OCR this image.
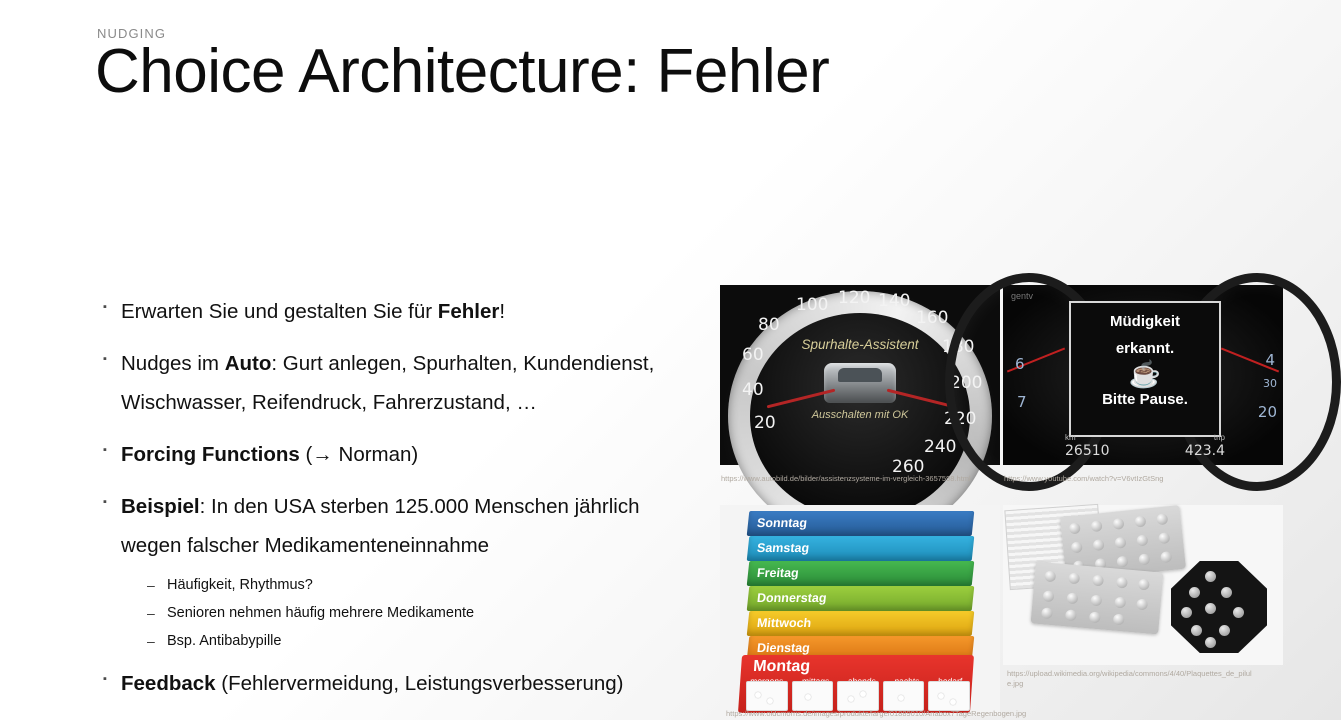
NUDGING
Choice Architecture: Fehler
▪ Erwarten Sie und gestalten Sie für Fehler!
▪ Nudges im Auto: Gurt anlegen, Spurhalten, Kundendienst, Wischwasser, Reifendruck, Fahrerzustand, …
▪ Forcing Functions (→ Norman)
▪ Beispiel: In den USA sterben 125.000 Menschen jährlich wegen falscher Medikamenteneinnahme
– Häufigkeit, Rhythmus?
– Senioren nehmen häufig mehrere Medikamente
– Bsp. Antibabypille
▪ Feedback (Fehlervermeidung, Leistungsverbesserung)
20
40
60
80
100 120 140
160
180
200
220
240
260
Spurhalte-Assistent
Ausschalten mit OK
https://www.autobild.de/bilder/assistenzsysteme-im-vergleich-3657598.html
6
7
4
30
20
gentv
Müdigkeit
erkannt.
☕
Bitte Pause.
km
26510
trip
423.4
https://www.youtube.com/watch?v=V6vtIzGtSng
Sonntag
Samstag
Freitag
Donnerstag
Mittwoch
Dienstag
Montag
https://www.oldcmorris.de/images/produkte/large/01889010/Anabox7TageRegenbogen.jpg
https://upload.wikimedia.org/wikipedia/commons/4/40/Plaquettes_de_pilule.jpg
